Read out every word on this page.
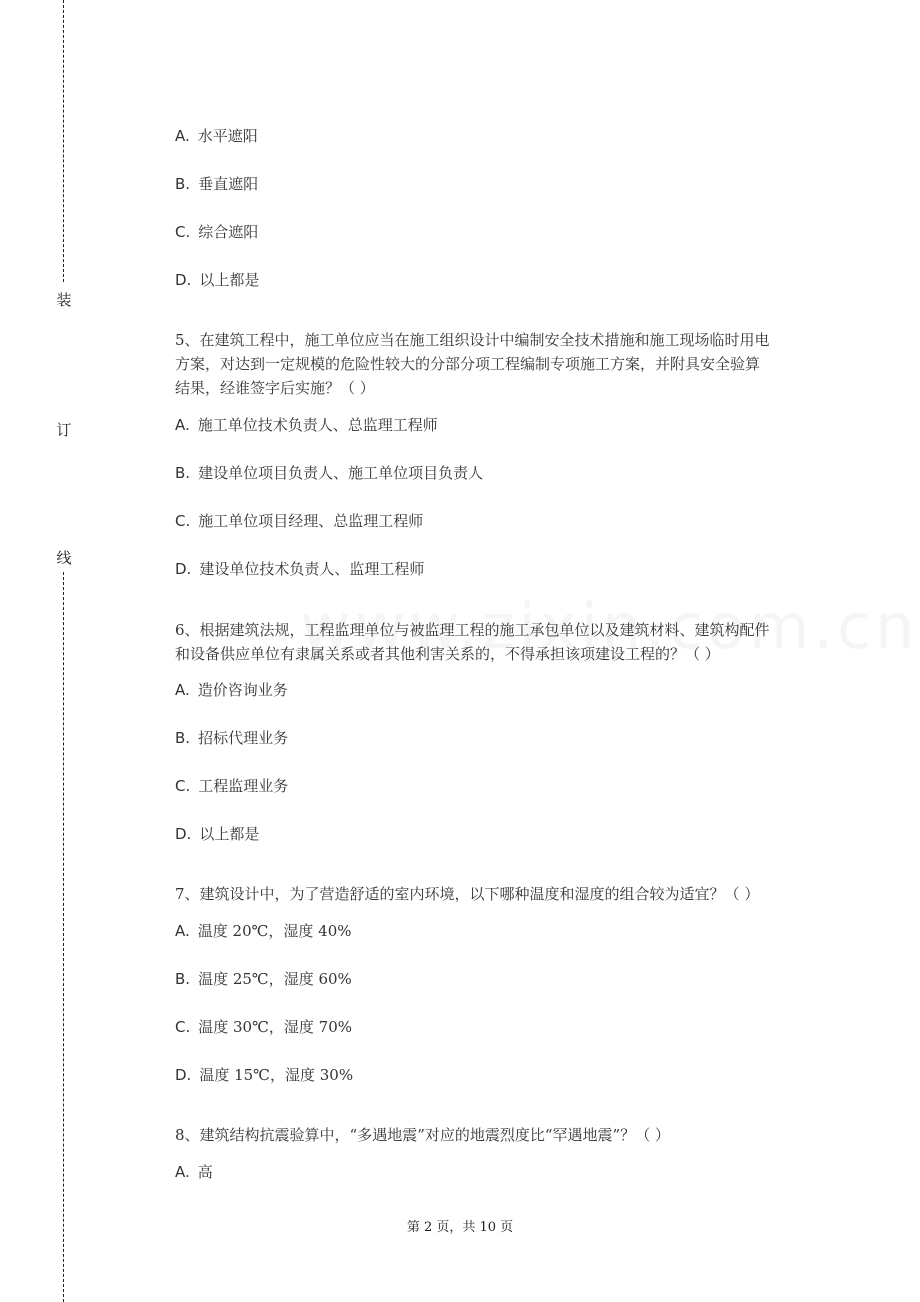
装
订
线
A. 水平遮阳
B. 垂直遮阳
C. 综合遮阳
D. 以上都是
5、在建筑工程中，施工单位应当在施工组织设计中编制安全技术措施和施工现场临时用电
方案，对达到一定规模的危险性较大的分部分项工程编制专项施工方案，并附具安全验算
结果，经谁签字后实施？（ ）
A. 施工单位技术负责人、总监理工程师
B. 建设单位项目负责人、施工单位项目负责人
C. 施工单位项目经理、总监理工程师
D. 建设单位技术负责人、监理工程师
6、根据建筑法规，工程监理单位与被监理工程的施工承包单位以及建筑材料、建筑构配件
和设备供应单位有隶属关系或者其他利害关系的，不得承担该项建设工程的？（ ）
A. 造价咨询业务
B. 招标代理业务
C. 工程监理业务
D. 以上都是
7、建筑设计中，为了营造舒适的室内环境，以下哪种温度和湿度的组合较为适宜？（ ）
A. 温度 20℃，湿度 40%
B. 温度 25℃，湿度 60%
C. 温度 30℃，湿度 70%
D. 温度 15℃，湿度 30%
8、建筑结构抗震验算中，“多遇地震”对应的地震烈度比“罕遇地震”？（ ）
A. 高
第 2 页，共 10 页
